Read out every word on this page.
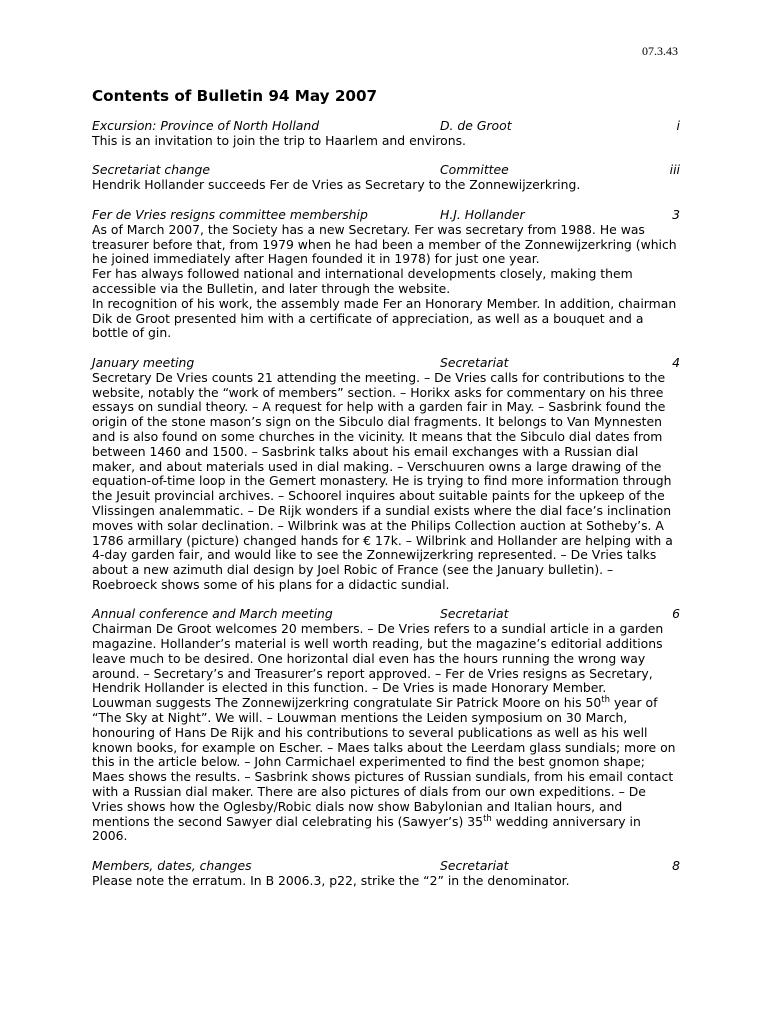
07.3.43
Contents of Bulletin 94 May 2007
Excursion: Province of North Holland	D. de Groot	i

This is an invitation to join the trip to Haarlem and environs.

Secretariat change	Committee	iii

Hendrik Hollander succeeds Fer de Vries as Secretary to the Zonnewijzerkring.

Fer de Vries resigns committee membership	H.J. Hollander	3

As of March 2007, the Society has a new Secretary. Fer was secretary from 1988. He was treasurer before that, from 1979 when he had been a member of the Zonnewijzerkring (which he joined immediately after Hagen founded it in 1978) for just one year.

Fer has always followed national and international developments closely, making them accessible via the Bulletin, and later through the website.

In recognition of his work, the assembly made Fer an Honorary Member. In addition, chairman Dik de Groot presented him with a certificate of appreciation, as well as a bouquet and a bottle of gin.

January meeting	Secretariat	4

Secretary De Vries counts 21 attending the meeting. – De Vries calls for contributions to the website, notably the “work of members” section. – Horikx asks for commentary on his three essays on sundial theory. – A request for help with a garden fair in May. – Sasbrink found the origin of the stone mason’s sign on the Sibculo dial fragments. It belongs to Van Mynnesten and is also found on some churches in the vicinity. It means that the Sibculo dial dates from between 1460 and 1500. – Sasbrink talks about his email exchanges with a Russian dial maker, and about materials used in dial making. – Verschuuren owns a large drawing of the equation-of-time loop in the Gemert monastery. He is trying to find more information through the Jesuit provincial archives. – Schoorel inquires about suitable paints for the upkeep of the Vlissingen analemmatic. – De Rijk wonders if a sundial exists where the dial face’s inclination moves with solar declination. – Wilbrink was at the Philips Collection auction at Sotheby’s. A 1786 armillary (picture) changed hands for € 17k. – Wilbrink and Hollander are helping with a 4-day garden fair, and would like to see the Zonnewijzerkring represented. – De Vries talks about a new azimuth dial design by Joel Robic of France (see the January bulletin). – Roebroeck shows some of his plans for a didactic sundial.

Annual conference and March meeting	Secretariat	6

Chairman De Groot welcomes 20 members. – De Vries refers to a sundial article in a garden magazine. Hollander’s material is well worth reading, but the magazine’s editorial additions leave much to be desired. One horizontal dial even has the hours running the wrong way around. – Secretary’s and Treasurer’s report approved. – Fer de Vries resigns as Secretary, Hendrik Hollander is elected in this function. – De Vries is made Honorary Member.

Louwman suggests The Zonnewijzerkring congratulate Sir Patrick Moore on his 50th year of “The Sky at Night”. We will. – Louwman mentions the Leiden symposium on 30 March, honouring of Hans De Rijk and his contributions to several publications as well as his well known books, for example on Escher. – Maes talks about the Leerdam glass sundials; more on this in the article below. – John Carmichael experimented to find the best gnomon shape; Maes shows the results. – Sasbrink shows pictures of Russian sundials, from his email contact with a Russian dial maker. There are also pictures of dials from our own expeditions. – De Vries shows how the Oglesby/Robic dials now show Babylonian and Italian hours, and mentions the second Sawyer dial celebrating his (Sawyer’s) 35th wedding anniversary in 2006.

Members, dates, changes	Secretariat	8

Please note the erratum. In B 2006.3, p22, strike the “2” in the denominator.
